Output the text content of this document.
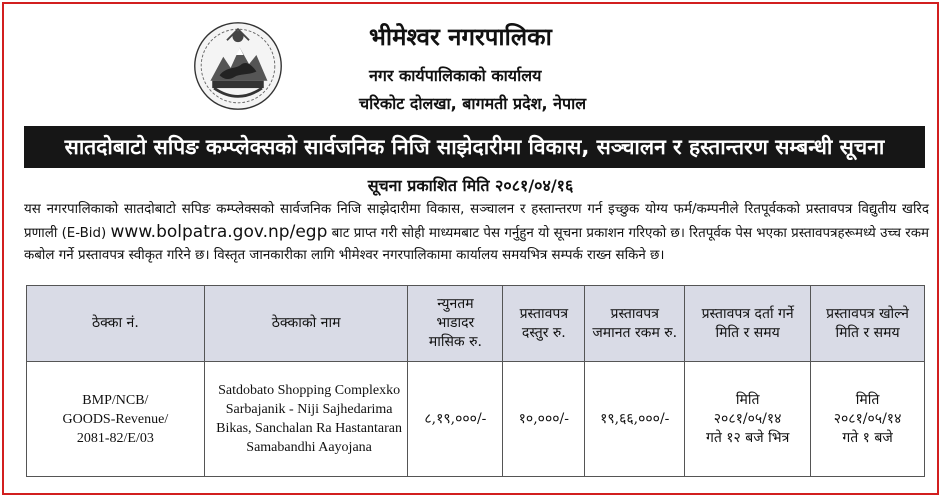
भीमेश्वर नगरपालिका
नगर कार्यपालिकाको कार्यालय
चरिकोट दोलखा, बागमती प्रदेश, नेपाल
सातदोबाटो सपिङ कम्प्लेक्सको सार्वजनिक निजि साझेदारीमा विकास, सञ्चालन र हस्तान्तरण सम्बन्धी सूचना
सूचना प्रकाशित मिति २०८१/०४/१६

यस नगरपालिकाको सातदोबाटो सपिङ कम्प्लेक्सको सार्वजनिक निजि साझेदारीमा विकास, सञ्चालन र हस्तान्तरण गर्न इच्छुक योग्य फर्म/कम्पनीले रितपूर्वकको प्रस्तावपत्र विद्युतीय खरिद प्रणाली (E-Bid) www.bolpatra.gov.np/egp बाट प्राप्त गरी सोही माध्यमबाट पेस गर्नुहुन यो सूचना प्रकाशन गरिएको छ। रितपूर्वक पेस भएका प्रस्तावपत्रहरूमध्ये उच्च रकम कबोल गर्ने प्रस्तावपत्र स्वीकृत गरिने छ। विस्तृत जानकारीका लागि भीमेश्वर नगरपालिकामा कार्यालय समयभित्र सम्पर्क राख्न सकिने छ।

ठेक्का नं.	ठेक्काको नाम	न्युनतम
भाडादर
मासिक रु.	प्रस्तावपत्र
दस्तुर रु.	प्रस्तावपत्र
जमानत रकम रु.	प्रस्तावपत्र दर्ता गर्ने
मिति र समय	प्रस्तावपत्र खोल्ने
मिति र समय
BMP/NCB/
GOODS-Revenue/
2081-82/E/03	Satdobato Shopping Complexko
Sarbajanik - Niji Sajhedarima
Bikas, Sanchalan Ra Hastantaran
Samabandhi Aayojana	८,१९,०००/-	१०,०००/-	१९,६६,०००/-	मिति
२०८१/०५/१४
गते १२ बजे भित्र	मिति
२०८१/०५/१४
गते १ बजे
